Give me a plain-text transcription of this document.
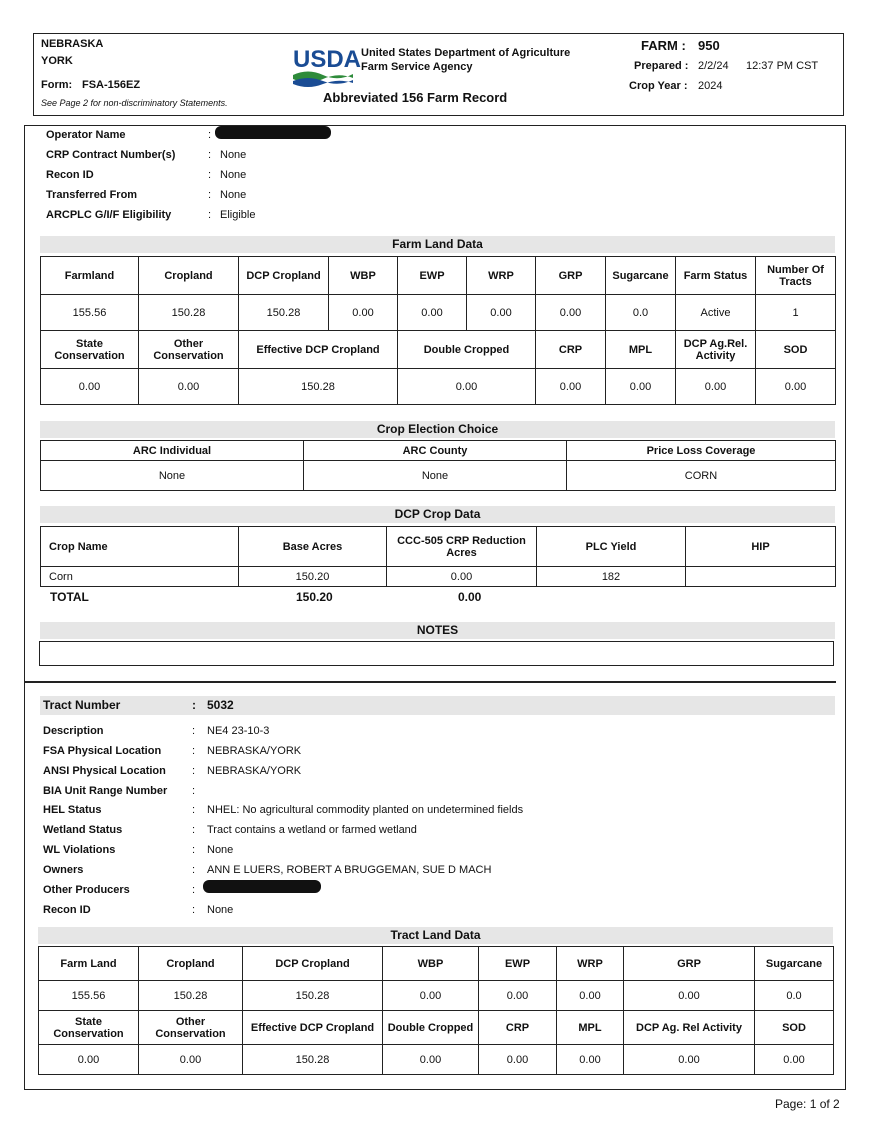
NEBRASKA
YORK
Form: FSA-156EZ
See Page 2 for non-discriminatory Statements.
USDA United States Department of Agriculture
Farm Service Agency
Abbreviated 156 Farm Record
FARM : 950
Prepared : 2/2/24 12:37 PM CST
Crop Year : 2024
Operator Name	:
CRP Contract Number(s)	: None
Recon ID	: None
Transferred From	: None
ARCPLC G/I/F Eligibility	: Eligible
Farm Land Data
Farmland	Cropland	DCP Cropland	WBP	EWP	WRP	GRP	Sugarcane	Farm Status	Number Of Tracts
155.56	150.28	150.28	0.00	0.00	0.00	0.00	0.0	Active	1
State Conservation	Other Conservation	Effective DCP Cropland		Double Cropped		CRP	MPL	DCP Ag.Rel. Activity	SOD
0.00	0.00	150.28		0.00		0.00	0.00	0.00	0.00
Crop Election Choice
ARC Individual	ARC County	Price Loss Coverage
None	None	CORN
DCP Crop Data
Crop Name	Base Acres	CCC-505 CRP Reduction Acres	PLC Yield	HIP
Corn	150.20	0.00	182	
TOTAL	150.20	0.00
NOTES
Tract Number	: 5032
Description	: NE4 23-10-3
FSA Physical Location	: NEBRASKA/YORK
ANSI Physical Location : NEBRASKA/YORK
BIA Unit Range Number :
HEL Status	: NHEL: No agricultural commodity planted on undetermined fields
Wetland Status	: Tract contains a wetland or farmed wetland
WL Violations	: None
Owners	: ANN E LUERS, ROBERT A BRUGGEMAN, SUE D MACH
Other Producers	:
Recon ID	: None
Tract Land Data
Farm Land	Cropland	DCP Cropland	WBP	EWP	WRP	GRP	Sugarcane
155.56	150.28	150.28	0.00	0.00	0.00	0.00	0.0
State Conservation	Other Conservation	Effective DCP Cropland	Double Cropped	CRP	MPL	DCP Ag. Rel Activity	SOD
0.00	0.00	150.28	0.00	0.00	0.00	0.00	0.00
Page: 1 of 2
